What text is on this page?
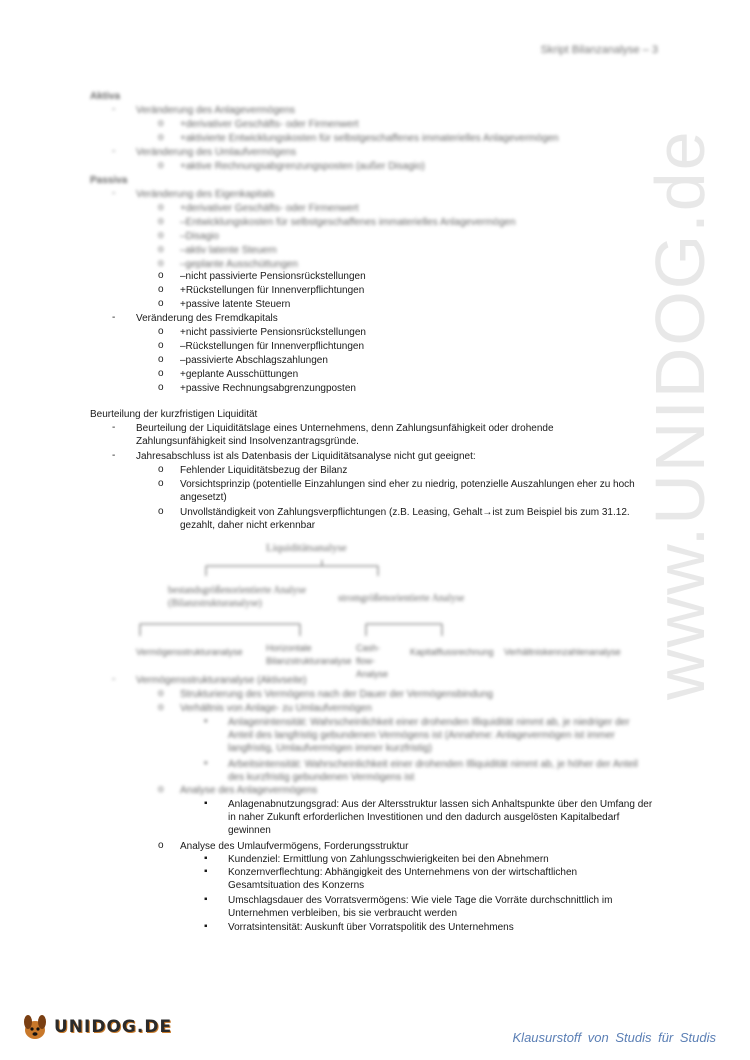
Skript Bilanzanalyse – 3
Aktiva
- Veränderung des Anlagevermögens
o +derivativer Geschäfts- oder Firmenwert
o +aktivierte Entwicklungskosten für selbstgeschaffenes immaterielles Anlagevermögen
- Veränderung des Umlaufvermögens
o +aktive Rechnungsabgrenzungsposten (außer Disagio)
Passiva
- Veränderung des Eigenkapitals
o +derivativer Geschäfts- oder Firmenwert
o –Entwicklungskosten für selbstgeschaffenes immaterielles Anlagevermögen
o –Disagio
o –aktiv latente Steuern
o –geplante Ausschüttungen
o –nicht passivierte Pensionsrückstellungen
o +Rückstellungen für Innenverpflichtungen
o +passive latente Steuern
- Veränderung des Fremdkapitals
o +nicht passivierte Pensionsrückstellungen
o –Rückstellungen für Innenverpflichtungen
o –passivierte Abschlagszahlungen
o +geplante Ausschüttungen
o +passive Rechnungsabgrenzungposten
Beurteilung der kurzfristigen Liquidität
- Beurteilung der Liquiditätslage eines Unternehmens, denn Zahlungsunfähigkeit oder drohende Zahlungsunfähigkeit sind Insolvenzantragsgründe.
- Jahresabschluss ist als Datenbasis der Liquiditätsanalyse nicht gut geeignet:
o Fehlender Liquiditätsbezug der Bilanz
o Vorsichtsprinzip (potentielle Einzahlungen sind eher zu niedrig, potenzielle Auszahlungen eher zu hoch angesetzt)
o Unvollständigkeit von Zahlungsverpflichtungen (z.B. Leasing, Gehalt→ist zum Beispiel bis zum 31.12. gezahlt, daher nicht erkennbar
Liquiditätsanalyse
bestandsgrößenorientierte Analyse (Bilanzstrukturanalyse)	stromgrößenorientierte Analyse
Vermögensstrukturanalyse	Horizontale Bilanzstrukturanalyse
Cash-flow-Analyse
Kapitalflussrechnung Verhältniskennzahlenanalyse
- Vermögensstrukturanalyse (Aktivseite)
o Strukturierung des Vermögens nach der Dauer der Vermögensbindung
o Verhältnis von Anlage- zu Umlaufvermögen
▪ Anlagenintensität: Wahrscheinlichkeit einer drohenden Illiquidität nimmt ab, je niedriger der Anteil des langfristig gebundenen Vermögens ist (Annahme: Anlagevermögen ist immer langfristig, Umlaufvermögen immer kurzfristig)
▪ Arbeitsintensität: Wahrscheinlichkeit einer drohenden Illiquidität nimmt ab, je höher der Anteil des kurzfristig gebundenen Vermögens ist
o Analyse des Anlagevermögens
▪ Anlagenabnutzungsgrad: Aus der Altersstruktur lassen sich Anhaltspunkte über den Umfang der in naher Zukunft erforderlichen Investitionen und den dadurch ausgelösten Kapitalbedarf gewinnen
o Analyse des Umlaufvermögens, Forderungsstruktur
▪ Kundenziel: Ermittlung von Zahlungsschwierigkeiten bei den Abnehmern
▪ Konzernverflechtung: Abhängigkeit des Unternehmens von der wirtschaftlichen Gesamtsituation des Konzerns
▪ Umschlagsdauer des Vorratsvermögens: Wie viele Tage die Vorräte durchschnittlich im Unternehmen verbleiben, bis sie verbraucht werden
▪ Vorratsintensität: Auskunft über Vorratspolitik des Unternehmens
www.UNIDOG.de
UNIDOG.DE
Klausurstoff von Studis für Studis
